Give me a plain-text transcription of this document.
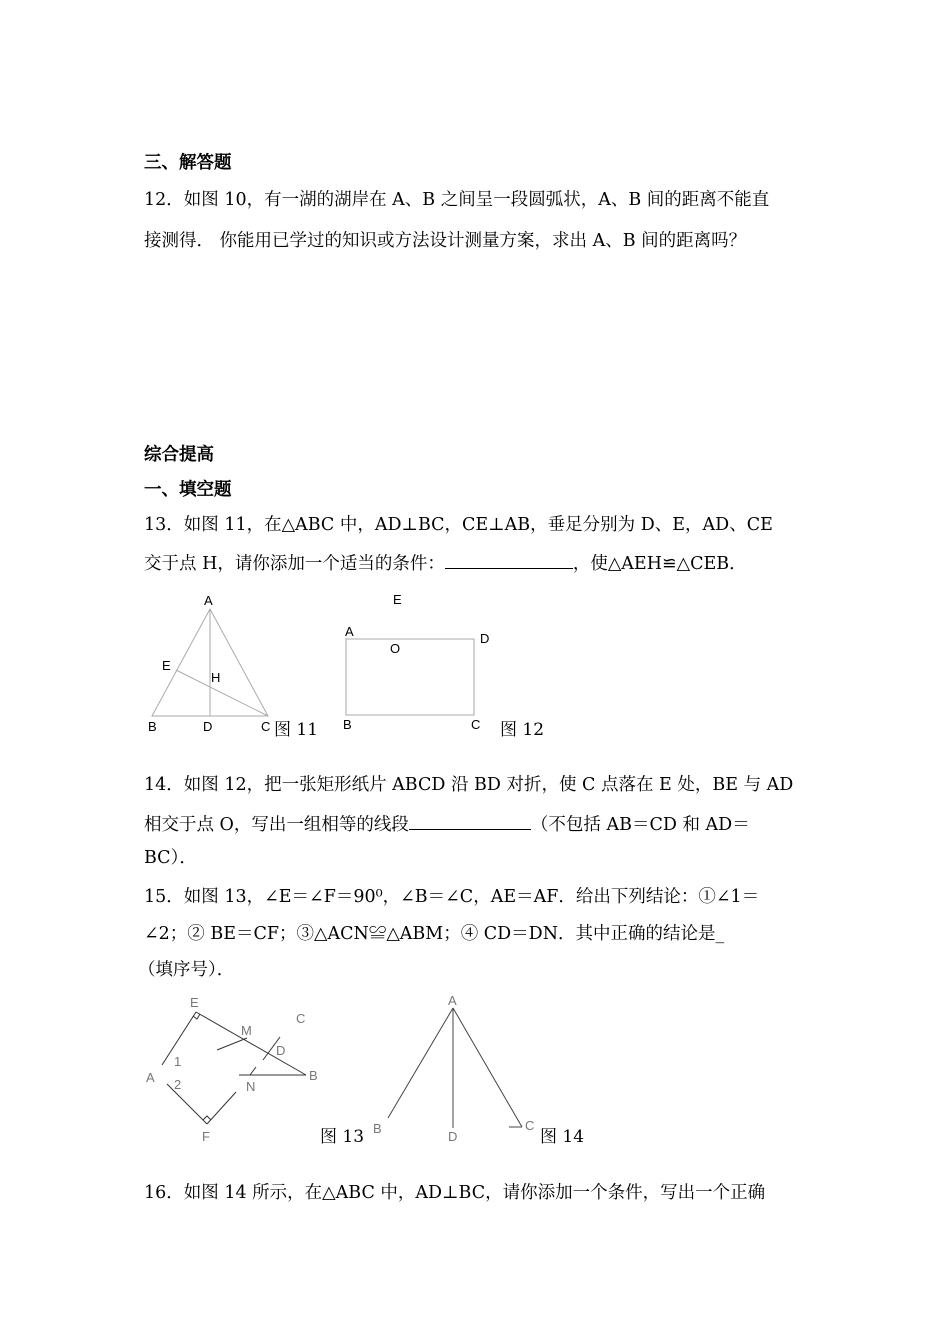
三、解答题
12．如图 10，有一湖的湖岸在 A、B 之间呈一段圆弧状，A、B 间的距离不能直
接测得． 你能用已学过的知识或方法设计测量方案，求出 A、B 间的距离吗？
综合提高
一、填空题
13．如图 11，在△ABC 中，AD⊥BC，CE⊥AB，垂足分别为 D、E，AD、CE
交于点 H，请你添加一个适当的条件：	，使△AEH≌△CEB．
A
E
H
B	D	C 图 11
E
A
O
D
B	C 图 12
E
M
C
D
A
1
2	N
B
F	图 13
A
B
D
C
图 14
14．如图 12，把一张矩形纸片 ABCD 沿 BD 对折，使 C 点落在 E 处，BE 与 AD
相交于点 O，写出一组相等的线段	（不包括 AB＝CD 和 AD＝
BC）．
15．如图 13，∠E＝∠F＝90⁰，∠B＝∠C，AE＝AF．给出下列结论：①∠1＝
∠2；② BE＝CF；③△ACN≌△ABM；④ CD＝DN．其中正确的结论是_
（填序号）．
16．如图 14 所示，在△ABC 中，AD⊥BC，请你添加一个条件，写出一个正确
